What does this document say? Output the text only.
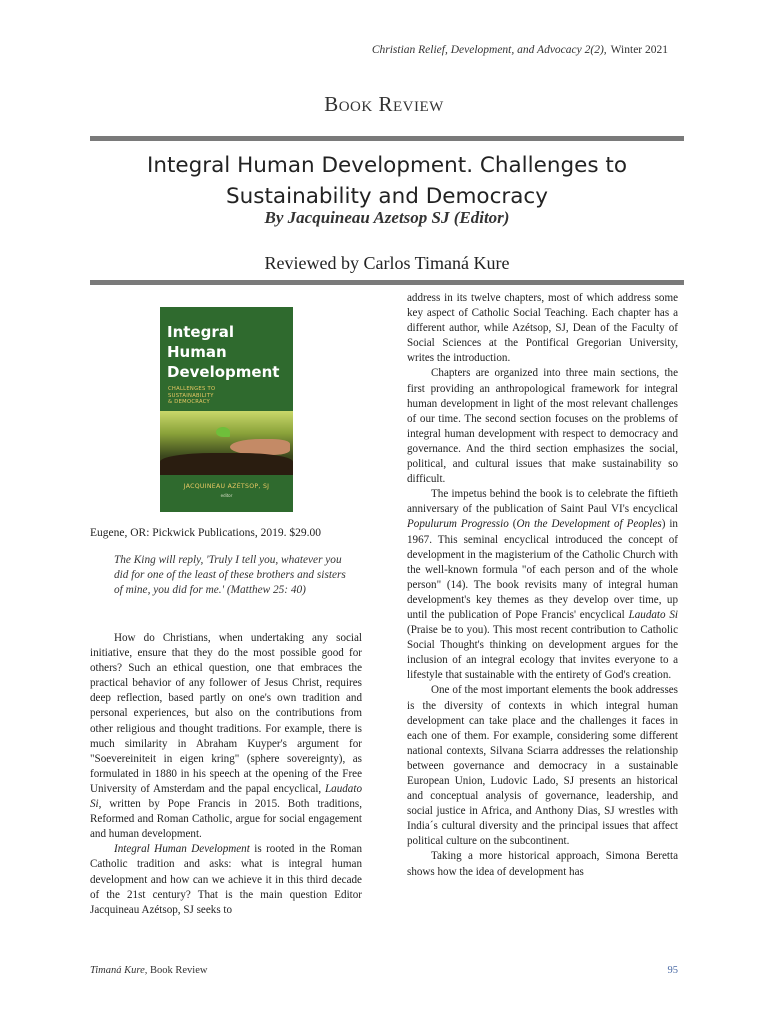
Christian Relief, Development, and Advocacy 2(2), Winter 2021
Book Review
Integral Human Development. Challenges to
Sustainability and Democracy
By Jacquineau Azetsop SJ (Editor)
Reviewed by Carlos Timaná Kure
Integral
Human
Development
CHALLENGES TO
SUSTAINABILITY
& DEMOCRACY
JACQUINEAU AZÉTSOP, SJ
editor
Eugene, OR: Pickwick Publications, 2019. $29.00

The King will reply, 'Truly I tell you, whatever you did for one of the least of these brothers and sisters of mine, you did for me.' (Matthew 25: 40)

How do Christians, when undertaking any social initiative, ensure that they do the most possible good for others? Such an ethical question, one that embraces the practical behavior of any follower of Jesus Christ, requires deep reflection, based partly on one's own tradition and personal experiences, but also on the contributions from other religious and thought traditions. For example, there is much similarity in Abraham Kuyper's argument for "Soevereiniteit in eigen kring" (sphere sovereignty), as formulated in 1880 in his speech at the opening of the Free University of Amsterdam and the papal encyclical, Laudato Si, written by Pope Francis in 2015. Both traditions, Reformed and Roman Catholic, argue for social engagement and human development.

Integral Human Development is rooted in the Roman Catholic tradition and asks: what is integral human development and how can we achieve it in this third decade of the 21st century? That is the main question Editor Jacquineau Azétsop, SJ seeks to

address in its twelve chapters, most of which address some key aspect of Catholic Social Teaching. Each chapter has a different author, while Azétsop, SJ, Dean of the Faculty of Social Sciences at the Pontifical Gregorian University, writes the introduction.

Chapters are organized into three main sections, the first providing an anthropological framework for integral human development in light of the most relevant challenges of our time. The second section focuses on the problems of integral human development with respect to democracy and governance. And the third section emphasizes the social, political, and cultural issues that make sustainability so difficult.

The impetus behind the book is to celebrate the fiftieth anniversary of the publication of Saint Paul VI's encyclical Populurum Progressio (On the Development of Peoples) in 1967. This seminal encyclical introduced the concept of development in the magisterium of the Catholic Church with the well-known formula "of each person and of the whole person" (14). The book revisits many of integral human development's key themes as they develop over time, up until the publication of Pope Francis' encyclical Laudato Si (Praise be to you). This most recent contribution to Catholic Social Thought's thinking on development argues for the inclusion of an integral ecology that invites everyone to a lifestyle that sustainable with the entirety of God's creation.

One of the most important elements the book addresses is the diversity of contexts in which integral human development can take place and the challenges it faces in each one of them. For example, considering some different national contexts, Silvana Sciarra addresses the relationship between governance and democracy in a sustainable European Union, Ludovic Lado, SJ presents an historical and conceptual analysis of governance, leadership, and social justice in Africa, and Anthony Dias, SJ wrestles with India´s cultural diversity and the principal issues that affect political culture on the subcontinent.

Taking a more historical approach, Simona Beretta shows how the idea of development has

Timaná Kure, Book Review	95
